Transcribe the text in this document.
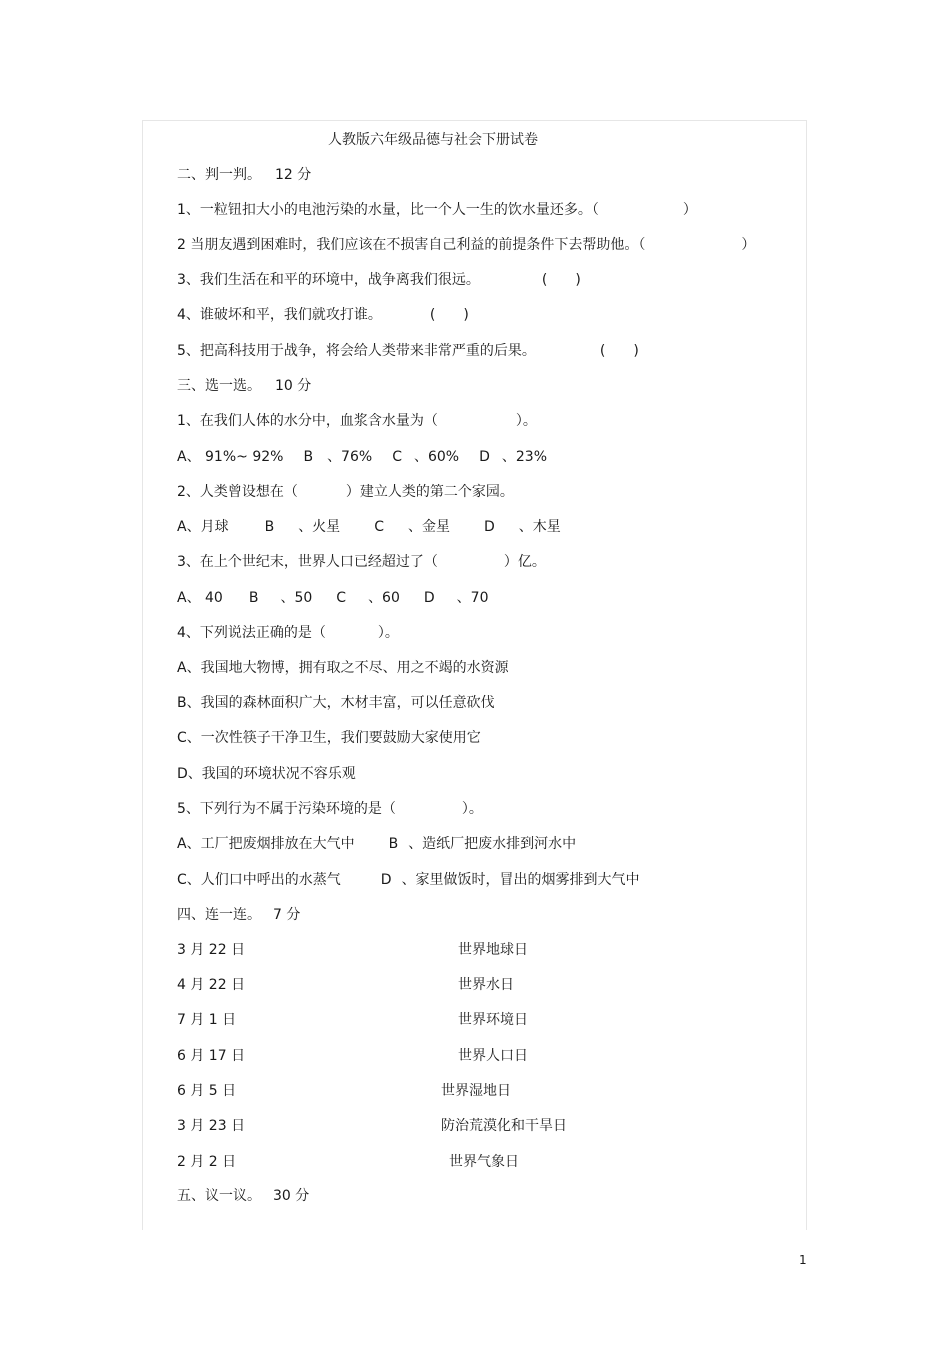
人教版六年级品德与社会下册试卷
二、判一判。 12 分
1、一粒钮扣大小的电池污染的水量，比一个人一生的饮水量还多。（	）
2 当朋友遇到困难时，我们应该在不损害自己利益的前提条件下去帮助他。（	）
3、我们生活在和平的环境中，战争离我们很远。	(　　)
4、谁破坏和平，我们就攻打谁。	(　　)
5、把高科技用于战争，将会给人类带来非常严重的后果。	(　　)
三、选一选。 10 分
1、在我们人体的水分中，血浆含水量为（	）。
A、 91%~ 92% B 、76% C 、60% D 、23%
2、人类曾设想在（	）建立人类的第二个家园。
A、月球	B 、火星 C 、金星 D 、木星
3、在上个世纪末，世界人口已经超过了（	）亿。
A、 40 B 、50 C 、60 D 、70
4、下列说法正确的是（	）。
A、我国地大物博，拥有取之不尽、用之不竭的水资源
B、我国的森林面积广大，木材丰富，可以任意砍伐
C、一次性筷子干净卫生，我们要鼓励大家使用它
D、我国的环境状况不容乐观
5、下列行为不属于污染环境的是（	）。
A、工厂把废烟排放在大气中 B 、造纸厂把废水排到河水中
C、人们口中呼出的水蒸气	D 、家里做饭时，冒出的烟雾排到大气中
四、连一连。 7 分
3 月 22 日	世界地球日
4 月 22 日	世界水日
7 月 1 日	世界环境日
6 月 17 日	世界人口日
6 月 5 日	世界湿地日
3 月 23 日	防治荒漠化和干旱日
2 月 2 日	世界气象日
五、议一议。 30 分
1
